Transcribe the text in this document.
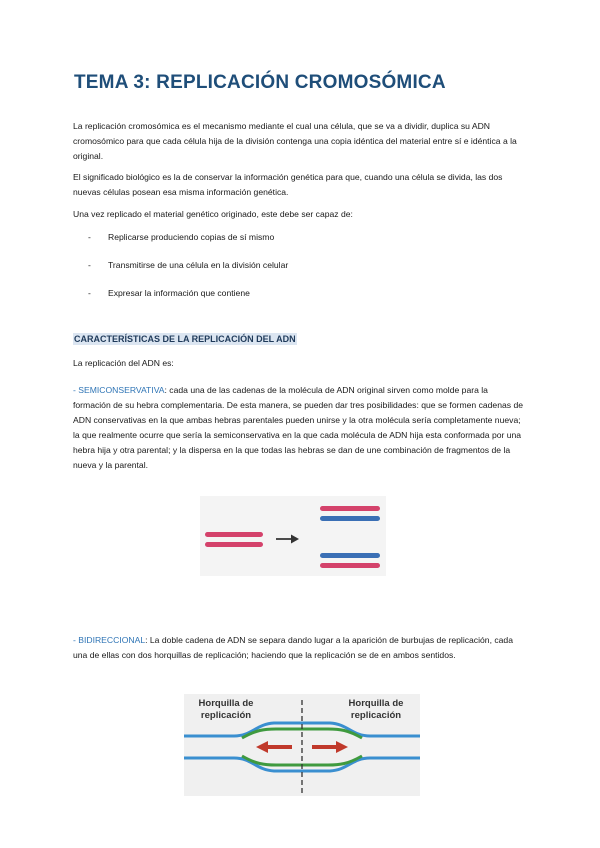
TEMA 3: REPLICACIÓN CROMOSÓMICA

La replicación cromosómica es el mecanismo mediante el cual una célula, que se va a dividir, duplica su ADN cromosómico para que cada célula hija de la división contenga una copia idéntica del material entre sí e idéntica a la original.

El significado biológico es la de conservar la información genética para que, cuando una célula se divida, las dos nuevas células posean esa misma información genética.

Una vez replicado el material genético originado, este debe ser capaz de:

-	Replicarse produciendo copias de sí mismo
-	Transmitirse de una célula en la división celular
-	Expresar la información que contiene
CARACTERÍSTICAS DE LA REPLICACIÓN DEL ADN

La replicación del ADN es:

- SEMICONSERVATIVA: cada una de las cadenas de la molécula de ADN original sirven como molde para la formación de su hebra complementaria. De esta manera, se pueden dar tres posibilidades: que se formen cadenas de ADN conservativas en la que ambas hebras parentales pueden unirse y la otra molécula sería completamente nueva; la que realmente ocurre que sería la semiconservativa en la que cada molécula de ADN hija esta conformada por una hebra hija y otra parental; y la dispersa en la que todas las hebras se dan de une combinación de fragmentos de la nueva y la parental.

- BIDIRECCIONAL: La doble cadena de ADN se separa dando lugar a la aparición de burbujas de replicación, cada una de ellas con dos horquillas de replicación; haciendo que la replicación se de en ambos sentidos.

Horquilla de
replicación
Horquilla de
replicación
